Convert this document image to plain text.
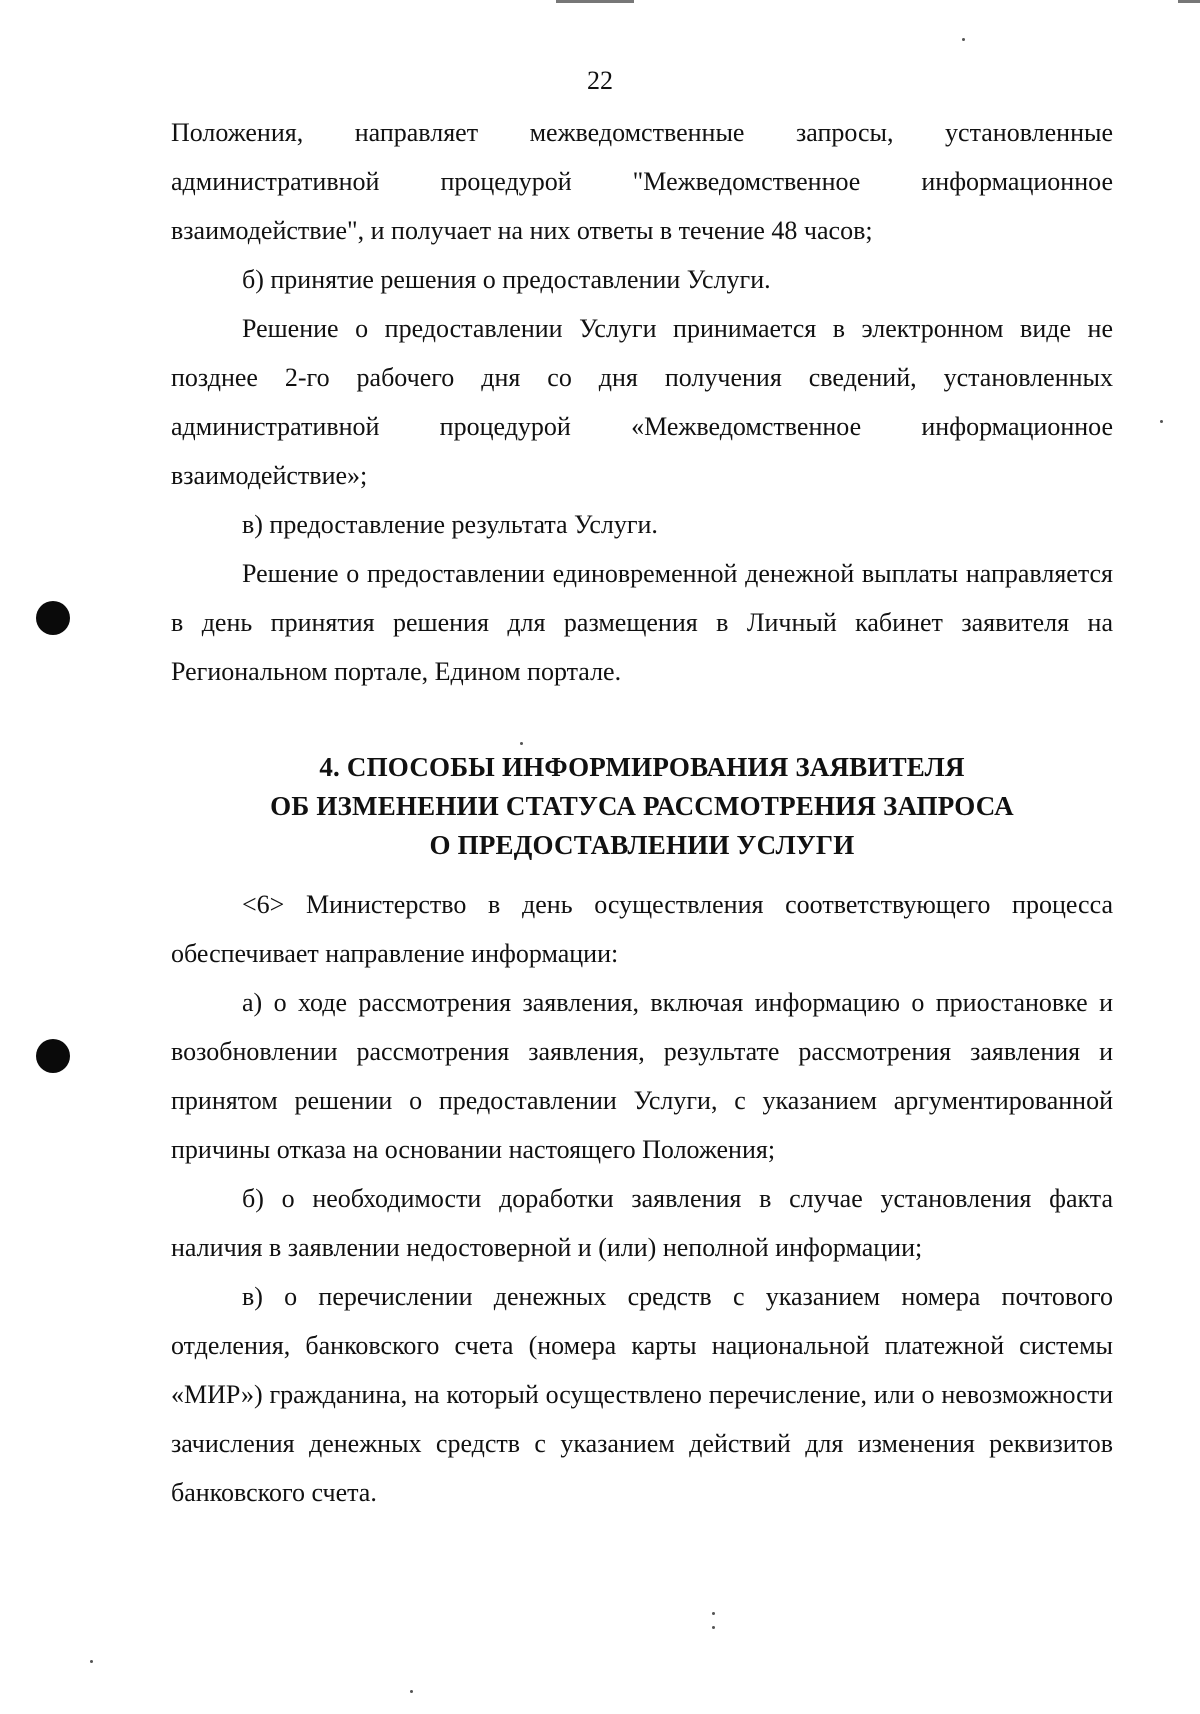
22

Положения, направляет межведомственные запросы, установленные административной процедурой "Межведомственное информационное взаимодействие", и получает на них ответы в течение 48 часов;

б) принятие решения о предоставлении Услуги.

Решение о предоставлении Услуги принимается в электронном виде не позднее 2-го рабочего дня со дня получения сведений, установленных административной процедурой «Межведомственное информационное взаимодействие»;

в) предоставление результата Услуги.

Решение о предоставлении единовременной денежной выплаты направляется в день принятия решения для размещения в Личный кабинет заявителя на Региональном портале, Едином портале.

4. СПОСОБЫ ИНФОРМИРОВАНИЯ ЗАЯВИТЕЛЯ
ОБ ИЗМЕНЕНИИ СТАТУСА РАССМОТРЕНИЯ ЗАПРОСА
О ПРЕДОСТАВЛЕНИИ УСЛУГИ

<6> Министерство в день осуществления соответствующего процесса обеспечивает направление информации:

а) о ходе рассмотрения заявления, включая информацию о приостановке и возобновлении рассмотрения заявления, результате рассмотрения заявления и принятом решении о предоставлении Услуги, с указанием аргументированной причины отказа на основании настоящего Положения;

б) о необходимости доработки заявления в случае установления факта наличия в заявлении недостоверной и (или) неполной информации;

в) о перечислении денежных средств с указанием номера почтового отделения, банковского счета (номера карты национальной платежной системы «МИР») гражданина, на который осуществлено перечисление, или о невозможности зачисления денежных средств с указанием действий для изменения реквизитов банковского счета.
